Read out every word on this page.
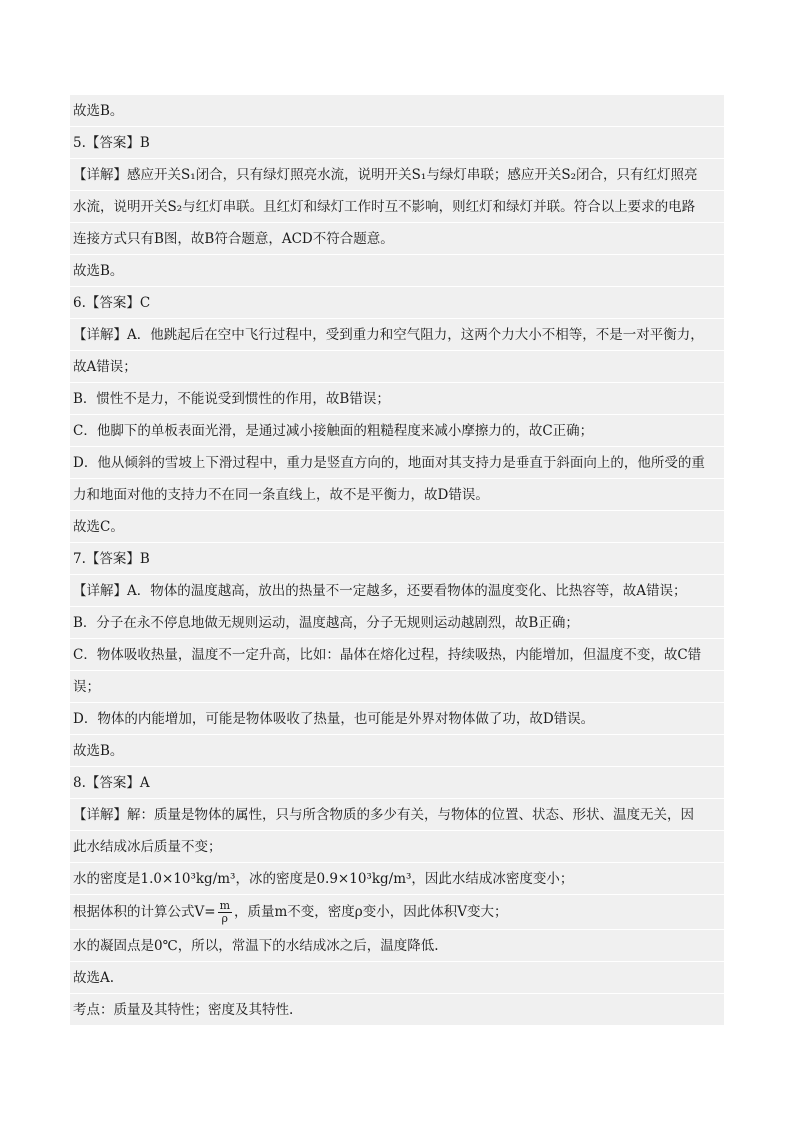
故选B。
5.【答案】B
【详解】感应开关S₁闭合，只有绿灯照亮水流，说明开关S₁与绿灯串联；感应开关S₂闭合，只有红灯照亮
水流，说明开关S₂与红灯串联。且红灯和绿灯工作时互不影响，则红灯和绿灯并联。符合以上要求的电路
连接方式只有B图，故B符合题意，ACD不符合题意。
故选B。
6.【答案】C
【详解】A．他跳起后在空中飞行过程中，受到重力和空气阻力，这两个力大小不相等，不是一对平衡力，
故A错误；
B．惯性不是力，不能说受到惯性的作用，故B错误；
C．他脚下的单板表面光滑，是通过减小接触面的粗糙程度来减小摩擦力的，故C正确；
D．他从倾斜的雪坡上下滑过程中，重力是竖直方向的，地面对其支持力是垂直于斜面向上的，他所受的重
力和地面对他的支持力不在同一条直线上，故不是平衡力，故D错误。
故选C。
7.【答案】B
【详解】A．物体的温度越高，放出的热量不一定越多，还要看物体的温度变化、比热容等，故A错误；
B．分子在永不停息地做无规则运动，温度越高，分子无规则运动越剧烈，故B正确；
C．物体吸收热量，温度不一定升高，比如：晶体在熔化过程，持续吸热，内能增加，但温度不变，故C错
误；
D．物体的内能增加，可能是物体吸收了热量，也可能是外界对物体做了功，故D错误。
故选B。
8.【答案】A
【详解】解：质量是物体的属性，只与所含物质的多少有关，与物体的位置、状态、形状、温度无关，因
此水结成冰后质量不变；
水的密度是1.0×10³kg/m³，冰的密度是0.9×10³kg/m³，因此水结成冰密度变小；
根据体积的计算公式$V= \frac{m}{\rho}$ ，质量m不变，密度ρ变小，因此体积V变大；
水的凝固点是0℃，所以，常温下的水结成冰之后，温度降低.
故选A.
考点：质量及其特性；密度及其特性.
